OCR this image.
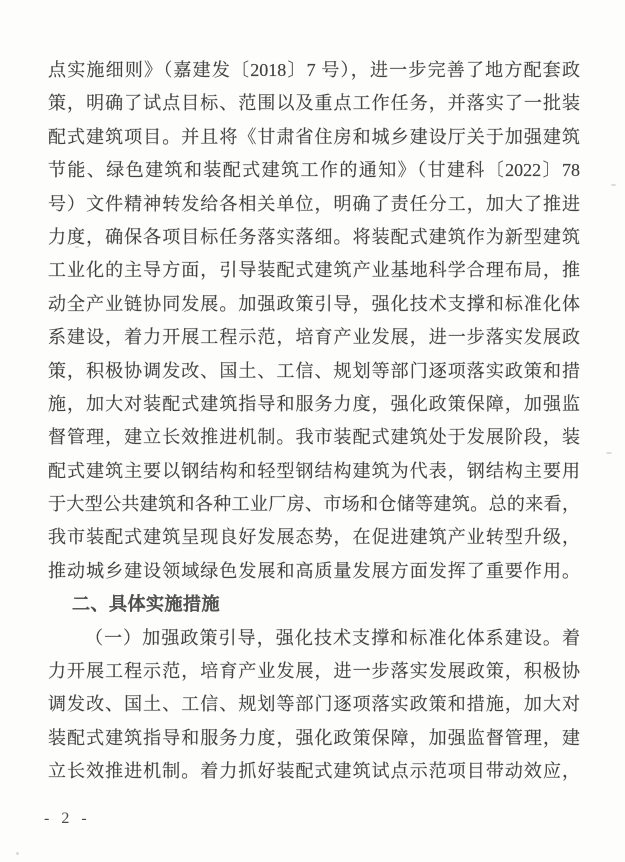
点实施细则》（嘉建发〔2018〕7 号），进一步完善了地方配套政
策，明确了试点目标、范围以及重点工作任务，并落实了一批装
配式建筑项目。并且将《甘肃省住房和城乡建设厅关于加强建筑
节能、绿色建筑和装配式建筑工作的通知》（甘建科〔2022〕78
号）文件精神转发给各相关单位，明确了责任分工，加大了推进
力度，确保各项目标任务落实落细。将装配式建筑作为新型建筑
工业化的主导方面，引导装配式建筑产业基地科学合理布局，推
动全产业链协同发展。加强政策引导，强化技术支撑和标准化体
系建设，着力开展工程示范，培育产业发展，进一步落实发展政
策，积极协调发改、国土、工信、规划等部门逐项落实政策和措
施，加大对装配式建筑指导和服务力度，强化政策保障，加强监
督管理，建立长效推进机制。我市装配式建筑处于发展阶段，装
配式建筑主要以钢结构和轻型钢结构建筑为代表，钢结构主要用
于大型公共建筑和各种工业厂房、市场和仓储等建筑。总的来看，
我市装配式建筑呈现良好发展态势，在促进建筑产业转型升级，
推动城乡建设领域绿色发展和高质量发展方面发挥了重要作用。
二、具体实施措施
（一）加强政策引导，强化技术支撑和标准化体系建设。着
力开展工程示范，培育产业发展，进一步落实发展政策，积极协
调发改、国土、工信、规划等部门逐项落实政策和措施，加大对
装配式建筑指导和服务力度，强化政策保障，加强监督管理，建
立长效推进机制。着力抓好装配式建筑试点示范项目带动效应，
- 2 -
